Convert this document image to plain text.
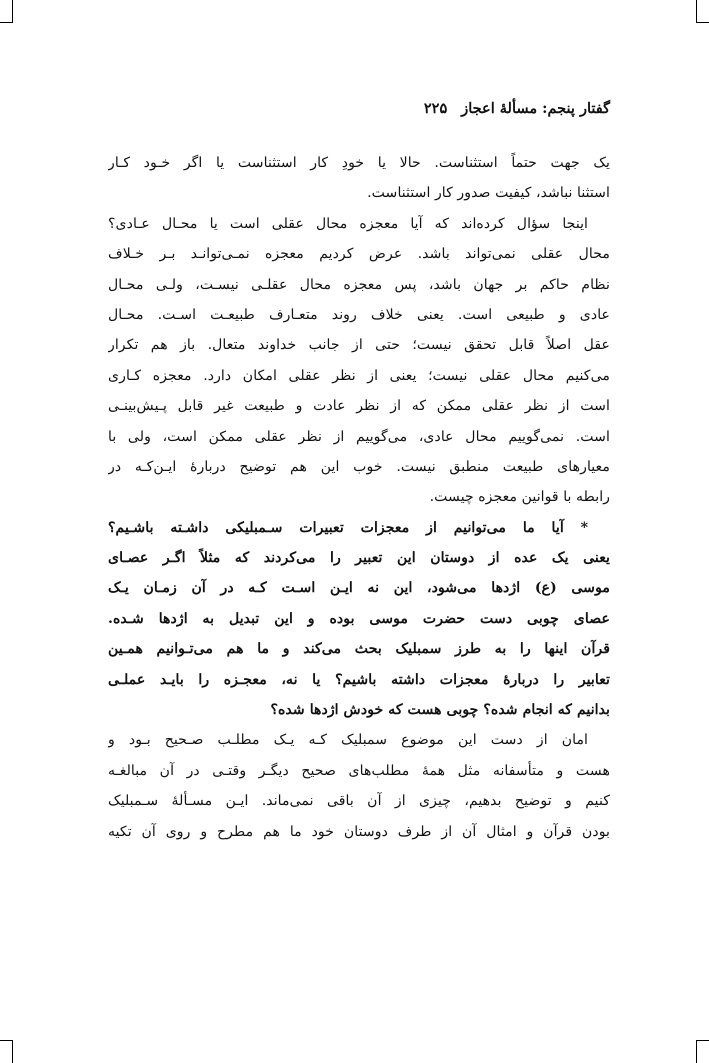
گفتار پنجم: مسألهٔ اعجاز۲۲۵
یک جهت حتماً استثناست. حالا یا خودِ کار استثناست یا اگر خـود کـار
استثنا نباشد، کیفیت صدور کار استثناست.
اینجا سؤال کرده‌اند که آیا معجزه محال عقلی است یا محـال عـادی؟
محال عقلی نمی‌تواند باشد. عرض کردیم معجزه نمـی‌توانـد بـر خـلاف
نظام حاکم بر جهان باشد، پس معجزه محال عقلـی نیسـت، ولـی محـال
عادی و طبیعی است. یعنی خلاف روند متعـارف طبیعـت اسـت. محـال
عقل اصلاً قابل تحقق نیست؛ حتی از جانب خداوند متعال. باز هم تکرار
می‌کنیم محال عقلی نیست؛ یعنی از نظر عقلی امکان دارد. معجزه کـاری
است از نظر عقلی ممکن که از نظر عادت و طبیعت غیر قابل پـیش‌بینـی
است. نمی‌گوییم محال عادی، می‌گوییم از نظر عقلی ممکن است، ولی با
معیارهای طبیعت منطبق نیست. خوب این هم توضیح دربارهٔ ایـن‌کـه در
رابطه با قوانین معجزه چیست.
* آیا ما می‌توانیم از معجزات تعبیرات سـمبلیکی داشـته باشـیم؟
یعنی یک عده از دوستان این تعبیر را می‌کردند که مثلاً اگـر عصـای
موسی (ع) اژدها می‌شود، این نه ایـن اسـت کـه در آن زمـان یـک
عصای چوبی دست حضرت موسی بوده و این تبدیل به اژدها شـده.
قرآن اینها را به طرز سمبلیک بحث می‌کند و ما هم می‌تـوانیم همـین
تعابیر را دربارهٔ معجزات داشته باشیم؟ یا نه، معجـزه را بایـد عملـی
بدانیم که انجام شده؟ چوبی هست که خودش اژدها شده؟
امان از دست این موضوع سمبلیک کـه یـک مطلـب صـحیح بـود و
هست و متأسفانه مثل همهٔ مطلب‌های صحیح دیگـر وقتـی در آن مبالغـه
کنیم و توضیح بدهیم، چیزی از آن باقی نمی‌ماند. ایـن مسـألهٔ سـمبلیک
بودن قرآن و امثال آن از طرف دوستان خود ما هم مطرح و روی آن تکیه
